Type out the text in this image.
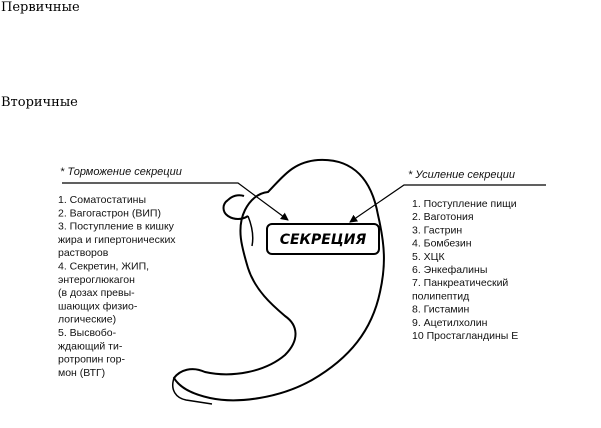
Первичные
Вторичные
* Торможение секреции	* Усиление секреции
СЕКРЕЦИЯ
1. Соматостатины
2. Вагогастрон (ВИП)
3. Поступление в кишку
жира и гипертонических
растворов
4. Секретин, ЖИП,
энтероглюкагон
(в дозах превы-
шающих физио-
логические)
5. Высвобо-
ждающий ти-
ротропин гор-
мон (ВТГ)
1. Поступление пищи
2. Ваготония
3. Гастрин
4. Бомбезин
5. ХЦК
6. Энкефалины
7. Панкреатический
полипептид
8. Гистамин
9. Ацетилхолин
10 Простагландины Е
